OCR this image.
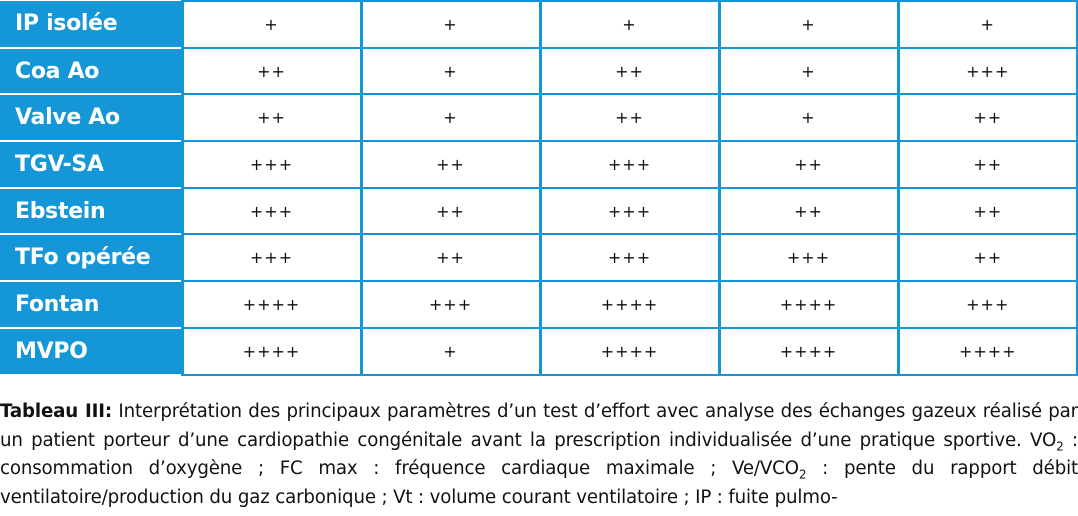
IP isolée	+	+	+	+	+
Coa Ao	++	+	++	+	+++
Valve Ao	++	+	++	+	++
TGV-SA	+++	++	+++	++	++
Ebstein	+++	++	+++	++	++
TFo opérée	+++	++	+++	+++	++
Fontan	++++	+++	++++	++++	+++
MVPO	++++	+	++++	++++	++++

Tableau III: Interprétation des principaux paramètres d’un test d’effort avec analyse des échanges gazeux réalisé par un patient porteur d’une cardiopathie congénitale avant la prescription individualisée d’une pratique sportive. $VO_2$ : consommation d’oxygène ; FC max : fréquence cardiaque maximale ; $Ve/VCO_2$ : pente du rapport débit ventilatoire/production du gaz carbonique ; Vt : volume courant ventilatoire ; IP : fuite pulmo-
